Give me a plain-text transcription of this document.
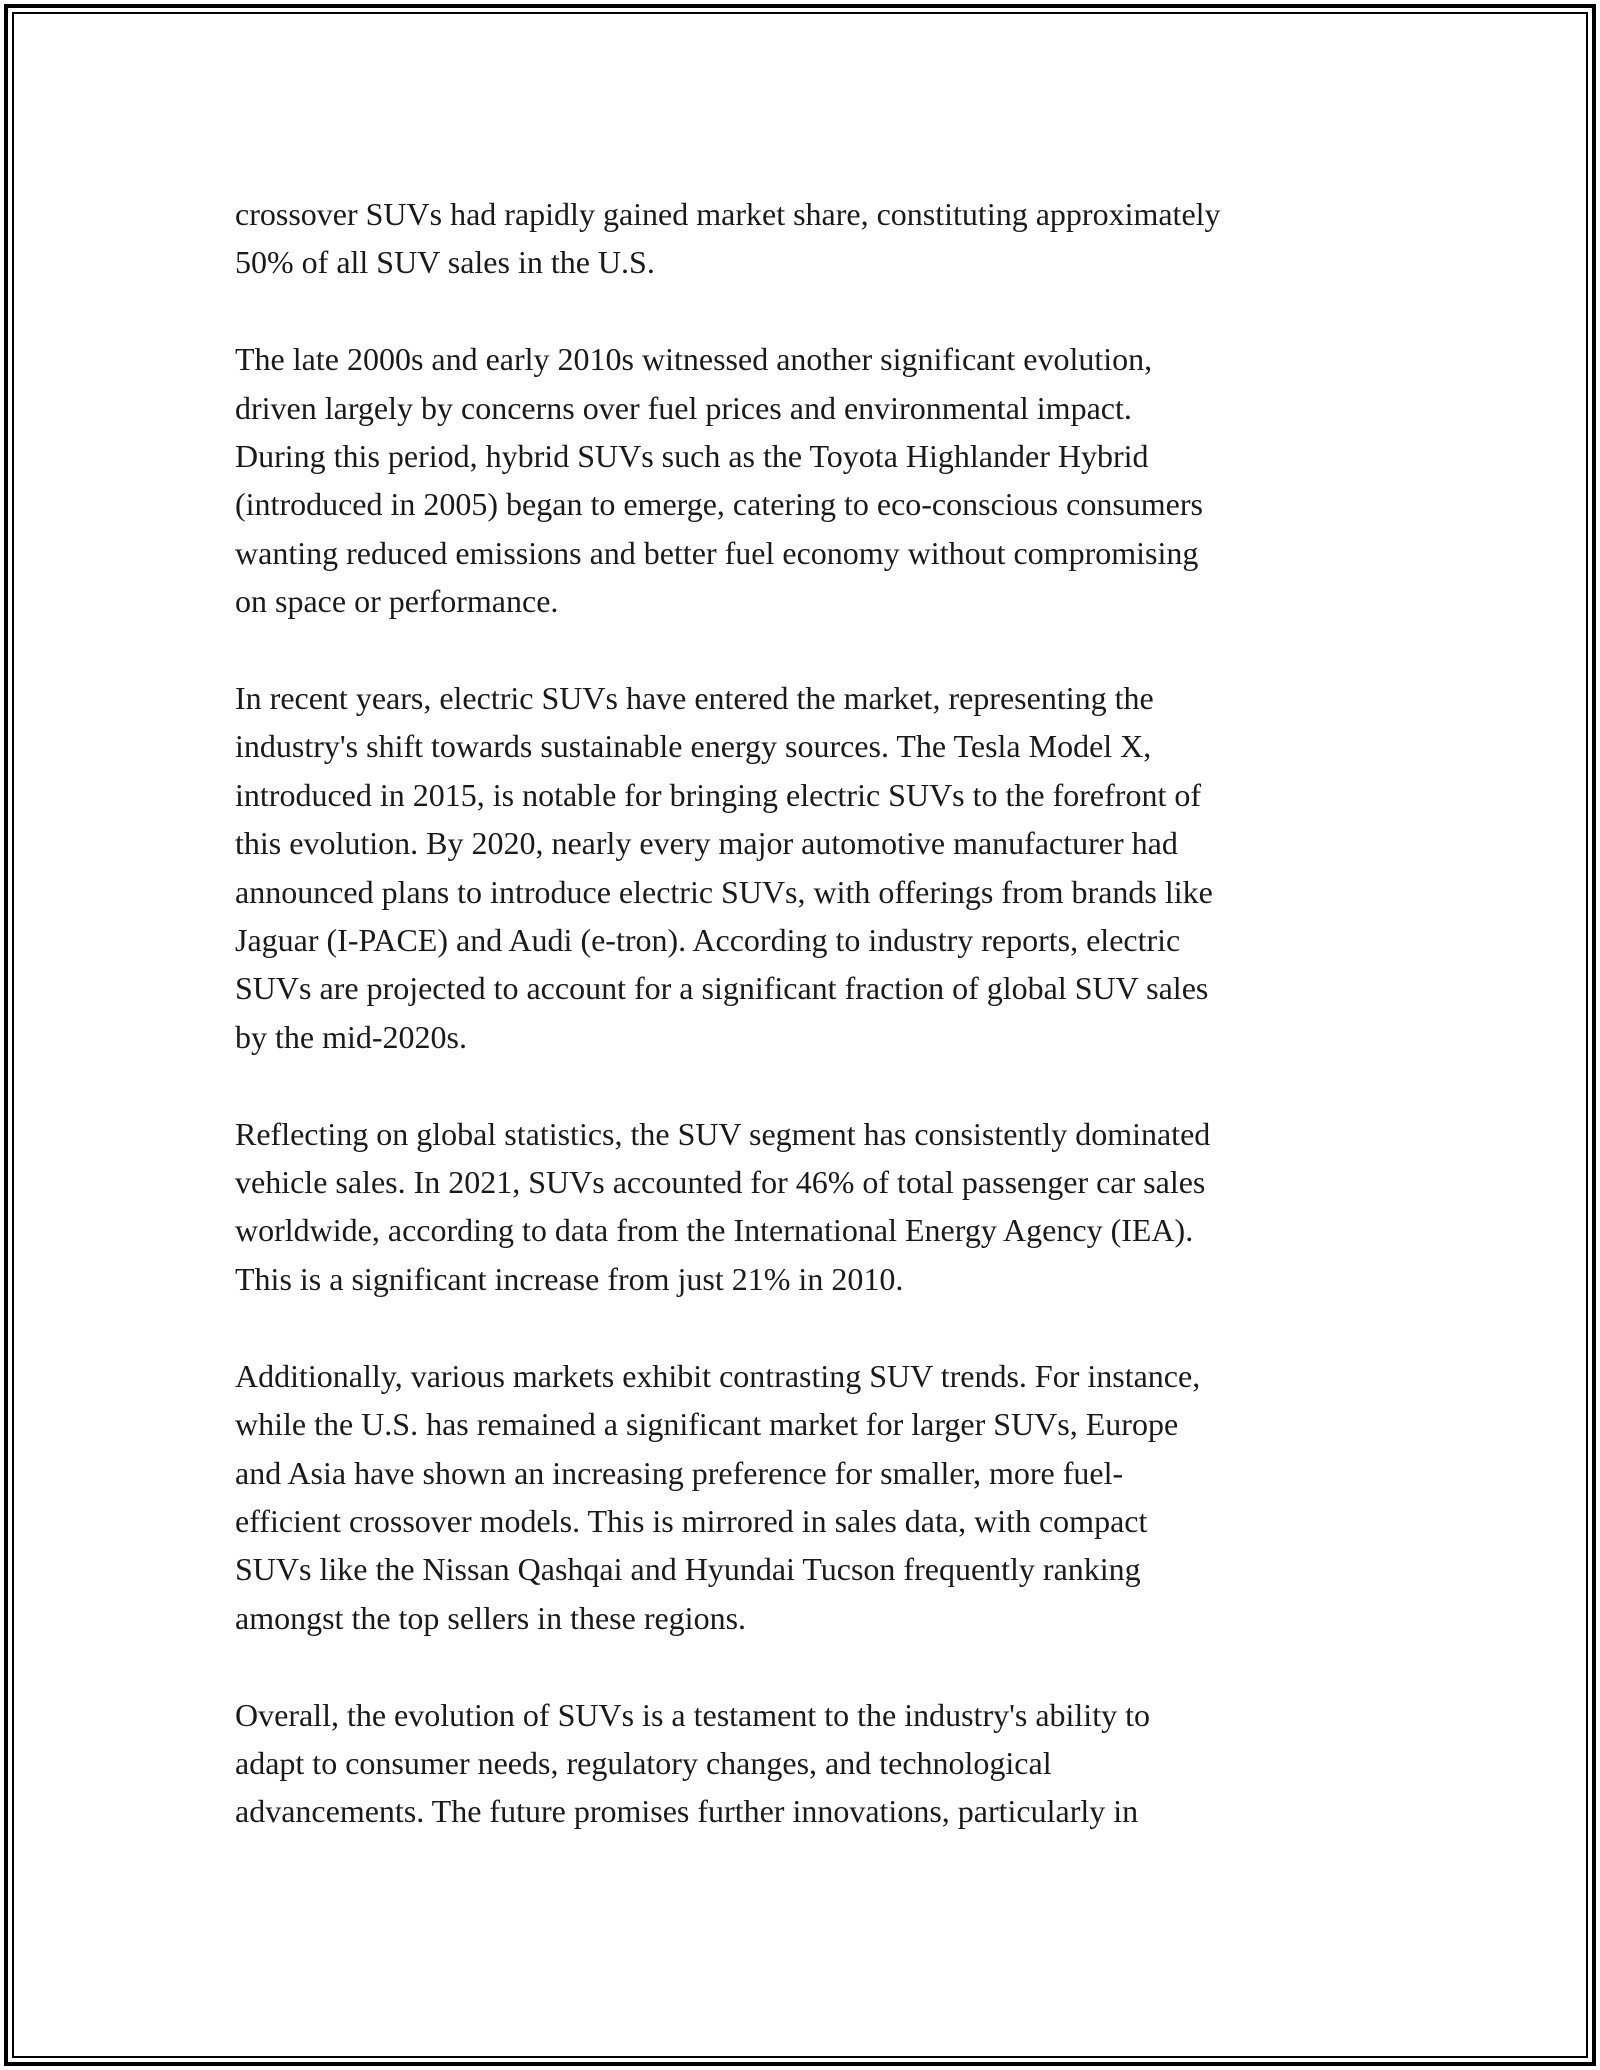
crossover SUVs had rapidly gained market share, constituting approximately
50% of all SUV sales in the U.S.

The late 2000s and early 2010s witnessed another significant evolution,
driven largely by concerns over fuel prices and environmental impact.
During this period, hybrid SUVs such as the Toyota Highlander Hybrid
(introduced in 2005) began to emerge, catering to eco-conscious consumers
wanting reduced emissions and better fuel economy without compromising
on space or performance.

In recent years, electric SUVs have entered the market, representing the
industry's shift towards sustainable energy sources. The Tesla Model X,
introduced in 2015, is notable for bringing electric SUVs to the forefront of
this evolution. By 2020, nearly every major automotive manufacturer had
announced plans to introduce electric SUVs, with offerings from brands like
Jaguar (I-PACE) and Audi (e-tron). According to industry reports, electric
SUVs are projected to account for a significant fraction of global SUV sales
by the mid-2020s.

Reflecting on global statistics, the SUV segment has consistently dominated
vehicle sales. In 2021, SUVs accounted for 46% of total passenger car sales
worldwide, according to data from the International Energy Agency (IEA).
This is a significant increase from just 21% in 2010.

Additionally, various markets exhibit contrasting SUV trends. For instance,
while the U.S. has remained a significant market for larger SUVs, Europe
and Asia have shown an increasing preference for smaller, more fuel-
efficient crossover models. This is mirrored in sales data, with compact
SUVs like the Nissan Qashqai and Hyundai Tucson frequently ranking
amongst the top sellers in these regions.

Overall, the evolution of SUVs is a testament to the industry's ability to
adapt to consumer needs, regulatory changes, and technological
advancements. The future promises further innovations, particularly in
